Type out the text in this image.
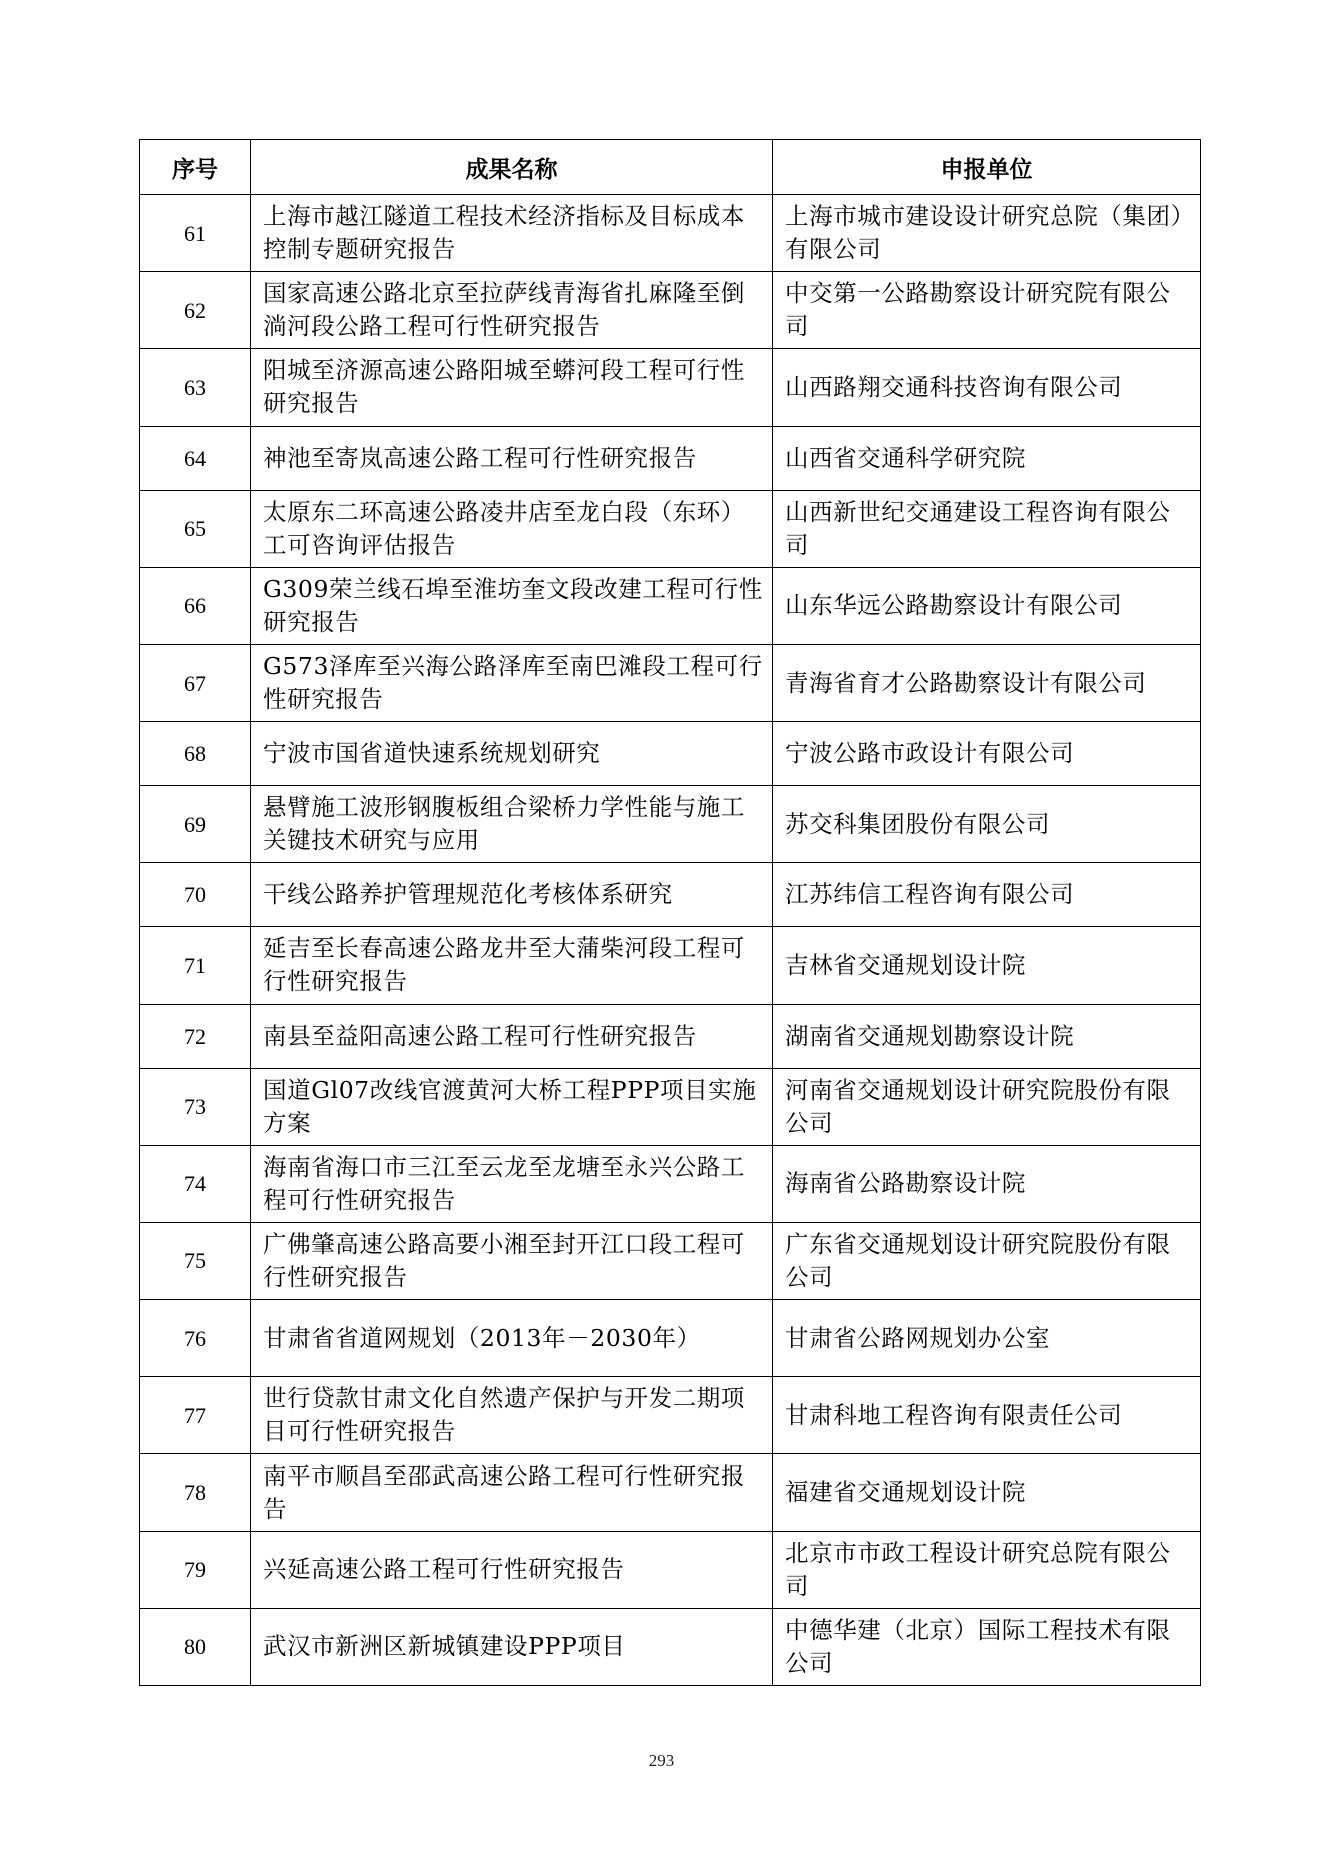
序号	成果名称	申报单位
61	上海市越江隧道工程技术经济指标及目标成本控制专题研究报告	上海市城市建设设计研究总院（集团）有限公司
62	国家高速公路北京至拉萨线青海省扎麻隆至倒淌河段公路工程可行性研究报告	中交第一公路勘察设计研究院有限公司
63	阳城至济源高速公路阳城至蟒河段工程可行性研究报告	山西路翔交通科技咨询有限公司
64	神池至寄岚高速公路工程可行性研究报告	山西省交通科学研究院
65	太原东二环高速公路凌井店至龙白段（东环）工可咨询评估报告	山西新世纪交通建设工程咨询有限公司
66	G309荣兰线石埠至淮坊奎文段改建工程可行性研究报告	山东华远公路勘察设计有限公司
67	G573泽库至兴海公路泽库至南巴滩段工程可行性研究报告	青海省育才公路勘察设计有限公司
68	宁波市国省道快速系统规划研究	宁波公路市政设计有限公司
69	悬臂施工波形钢腹板组合梁桥力学性能与施工关键技术研究与应用	苏交科集团股份有限公司
70	干线公路养护管理规范化考核体系研究	江苏纬信工程咨询有限公司
71	延吉至长春高速公路龙井至大蒲柴河段工程可行性研究报告	吉林省交通规划设计院
72	南县至益阳高速公路工程可行性研究报告	湖南省交通规划勘察设计院
73	国道Gl07改线官渡黄河大桥工程PPP项目实施方案	河南省交通规划设计研究院股份有限公司
74	海南省海口市三江至云龙至龙塘至永兴公路工程可行性研究报告	海南省公路勘察设计院
75	广佛肇高速公路高要小湘至封开江口段工程可行性研究报告	广东省交通规划设计研究院股份有限公司
76	甘肃省省道网规划（2013年－2030年）	甘肃省公路网规划办公室
77	世行贷款甘肃文化自然遗产保护与开发二期项目可行性研究报告	甘肃科地工程咨询有限责任公司
78	南平市顺昌至邵武高速公路工程可行性研究报告	福建省交通规划设计院
79	兴延高速公路工程可行性研究报告	北京市市政工程设计研究总院有限公司
80	武汉市新洲区新城镇建设PPP项目	中德华建（北京）国际工程技术有限公司
293
